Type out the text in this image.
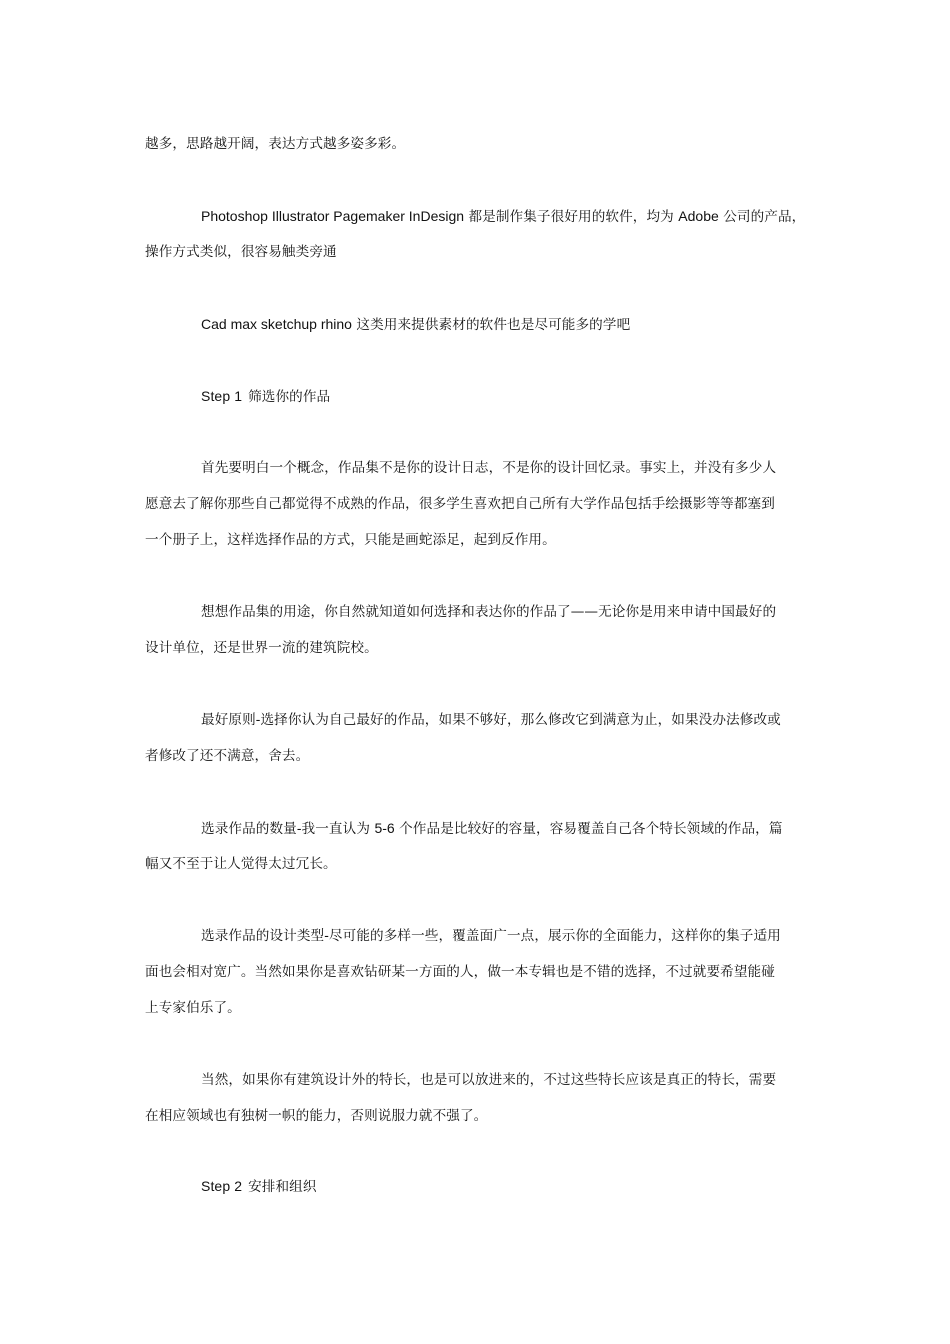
越多，思路越开阔，表达方式越多姿多彩。
Photoshop Illustrator Pagemaker InDesign 都是制作集子很好用的软件，均为 Adobe 公司的产品，
操作方式类似，很容易触类旁通
Cad max sketchup rhino 这类用来提供素材的软件也是尽可能多的学吧
Step 1 筛选你的作品
首先要明白一个概念，作品集不是你的设计日志，不是你的设计回忆录。事实上，并没有多少人
愿意去了解你那些自己都觉得不成熟的作品，很多学生喜欢把自己所有大学作品包括手绘摄影等等都塞到
一个册子上，这样选择作品的方式，只能是画蛇添足，起到反作用。
想想作品集的用途，你自然就知道如何选择和表达你的作品了——无论你是用来申请中国最好的
设计单位，还是世界一流的建筑院校。
最好原则-选择你认为自己最好的作品，如果不够好，那么修改它到满意为止，如果没办法修改或
者修改了还不满意，舍去。
选录作品的数量-我一直认为 5-6 个作品是比较好的容量，容易覆盖自己各个特长领域的作品，篇
幅又不至于让人觉得太过冗长。
选录作品的设计类型-尽可能的多样一些，覆盖面广一点，展示你的全面能力，这样你的集子适用
面也会相对宽广。当然如果你是喜欢钻研某一方面的人，做一本专辑也是不错的选择，不过就要希望能碰
上专家伯乐了。
当然，如果你有建筑设计外的特长，也是可以放进来的，不过这些特长应该是真正的特长，需要
在相应领域也有独树一帜的能力，否则说服力就不强了。
Step 2 安排和组织
